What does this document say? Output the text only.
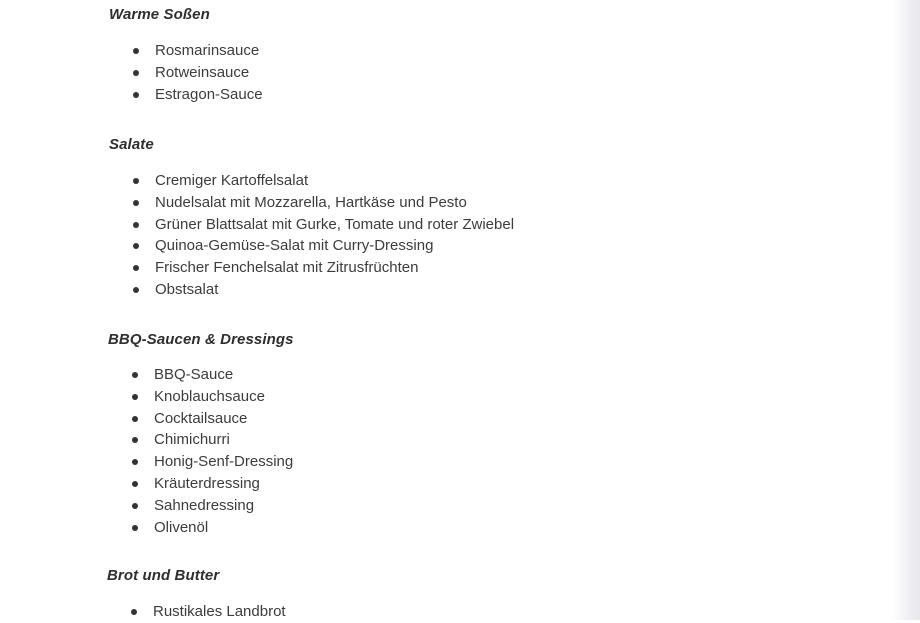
Warme Soßen
Rosmarinsauce
Rotweinsauce
Estragon-Sauce
Salate
Cremiger Kartoffelsalat
Nudelsalat mit Mozzarella, Hartkäse und Pesto
Grüner Blattsalat mit Gurke, Tomate und roter Zwiebel
Quinoa-Gemüse-Salat mit Curry-Dressing
Frischer Fenchelsalat mit Zitrusfrüchten
Obstsalat
BBQ-Saucen & Dressings
BBQ-Sauce
Knoblauchsauce
Cocktailsauce
Chimichurri
Honig-Senf-Dressing
Kräuterdressing
Sahnedressing
Olivenöl
Brot und Butter
Rustikales Landbrot
